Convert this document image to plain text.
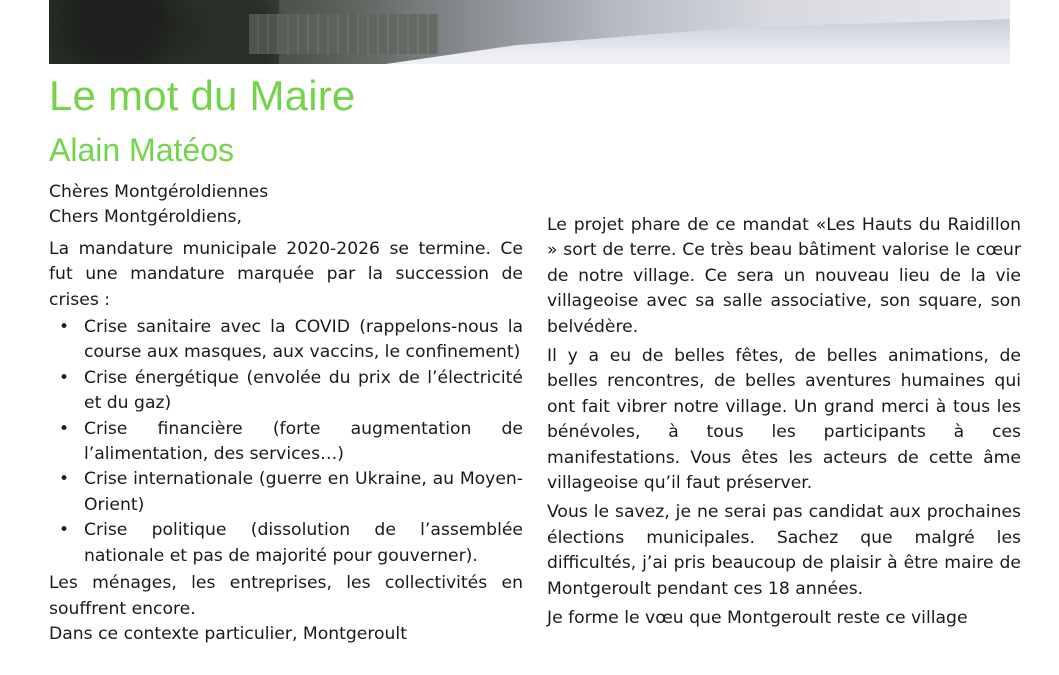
Le mot du Maire
Alain Matéos
Chères Montgéroldiennes
Chers Montgéroldiens,

La mandature municipale 2020-2026 se termine. Ce fut une mandature marquée par la succession de crises :

• Crise sanitaire avec la COVID (rappelons-nous la course aux masques, aux vaccins, le confinement)
• Crise énergétique (envolée du prix de l’électricité et du gaz)
• Crise financière (forte augmentation de l’alimentation, des services…)
• Crise internationale (guerre en Ukraine, au Moyen-Orient)
• Crise politique (dissolution de l’assemblée nationale et pas de majorité pour gouverner).

Les ménages, les entreprises, les collectivités en souffrent encore.

Dans ce contexte particulier, Montgeroult

Le projet phare de ce mandat «Les Hauts du Raidillon » sort de terre. Ce très beau bâtiment valorise le cœur de notre village. Ce sera un nouveau lieu de la vie villageoise avec sa salle associative, son square, son belvédère.

Il y a eu de belles fêtes, de belles animations, de belles rencontres, de belles aventures humaines qui ont fait vibrer notre village. Un grand merci à tous les bénévoles, à tous les participants à ces manifestations. Vous êtes les acteurs de cette âme villageoise qu’il faut préserver.

Vous le savez, je ne serai pas candidat aux prochaines élections municipales. Sachez que malgré les difficultés, j’ai pris beaucoup de plaisir à être maire de Montgeroult pendant ces 18 années.

Je forme le vœu que Montgeroult reste ce village
